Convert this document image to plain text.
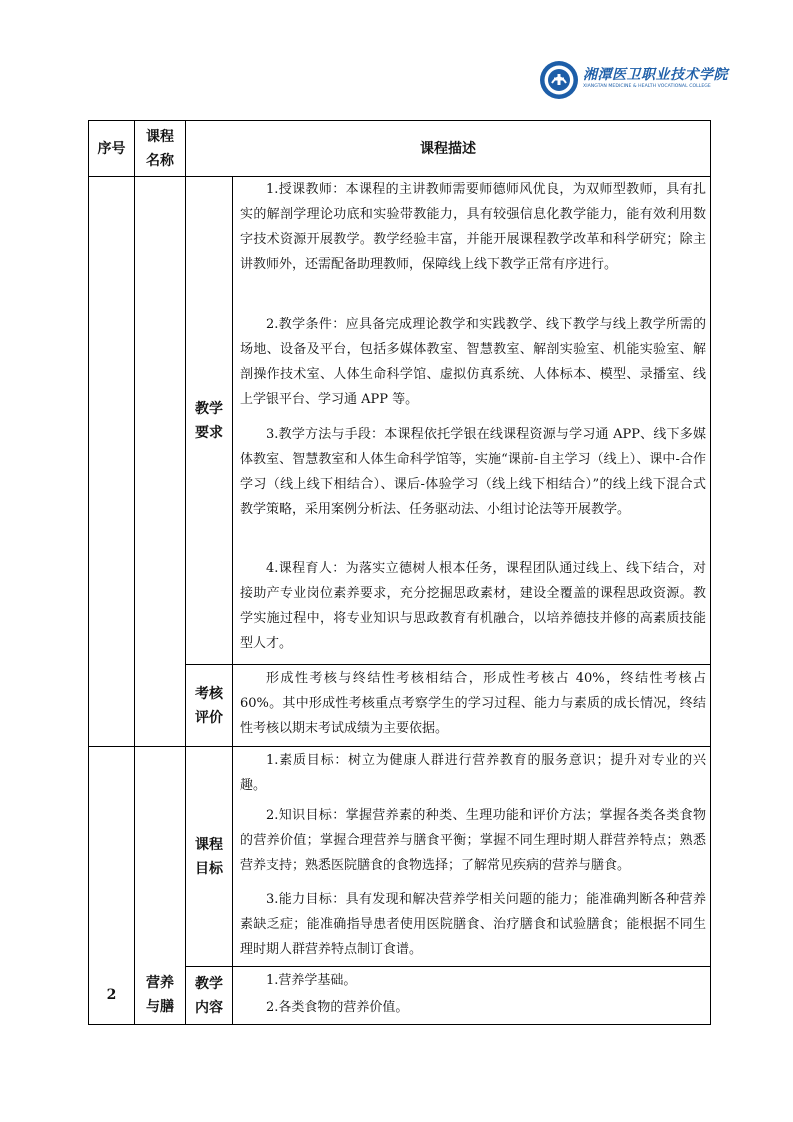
湘潭医卫职业技术学院
XIANGTAN MEDICINE & HEALTH VOCATIONAL COLLEGE
序号
课程
名称
课程描述
教学
要求
1.授课教师：本课程的主讲教师需要师德师风优良，为双师型教师，具有扎实的解剖学理论功底和实验带教能力，具有较强信息化教学能力，能有效利用数字技术资源开展教学。教学经验丰富，并能开展课程教学改革和科学研究；除主讲教师外，还需配备助理教师，保障线上线下教学正常有序进行。
2.教学条件：应具备完成理论教学和实践教学、线下教学与线上教学所需的场地、设备及平台，包括多媒体教室、智慧教室、解剖实验室、机能实验室、解剖操作技术室、人体生命科学馆、虚拟仿真系统、人体标本、模型、录播室、线上学银平台、学习通 APP 等。
3.教学方法与手段：本课程依托学银在线课程资源与学习通 APP、线下多媒体教室、智慧教室和人体生命科学馆等，实施“课前-自主学习（线上）、课中-合作学习（线上线下相结合）、课后-体验学习（线上线下相结合）”的线上线下混合式教学策略，采用案例分析法、任务驱动法、小组讨论法等开展教学。
4.课程育人：为落实立德树人根本任务，课程团队通过线上、线下结合，对接助产专业岗位素养要求，充分挖掘思政素材，建设全覆盖的课程思政资源。教学实施过程中，将专业知识与思政教育有机融合，以培养德技并修的高素质技能型人才。
考核
评价
形成性考核与终结性考核相结合，形成性考核占 40%，终结性考核占 60%。其中形成性考核重点考察学生的学习过程、能力与素质的成长情况，终结性考核以期末考试成绩为主要依据。
2
营养
与膳
课程
目标
1.素质目标：树立为健康人群进行营养教育的服务意识；提升对专业的兴趣。
2.知识目标：掌握营养素的种类、生理功能和评价方法；掌握各类各类食物的营养价值；掌握合理营养与膳食平衡；掌握不同生理时期人群营养特点；熟悉营养支持；熟悉医院膳食的食物选择；了解常见疾病的营养与膳食。
3.能力目标：具有发现和解决营养学相关问题的能力；能准确判断各种营养素缺乏症；能准确指导患者使用医院膳食、治疗膳食和试验膳食；能根据不同生理时期人群营养特点制订食谱。
教学
内容
1.营养学基础。
2.各类食物的营养价值。
